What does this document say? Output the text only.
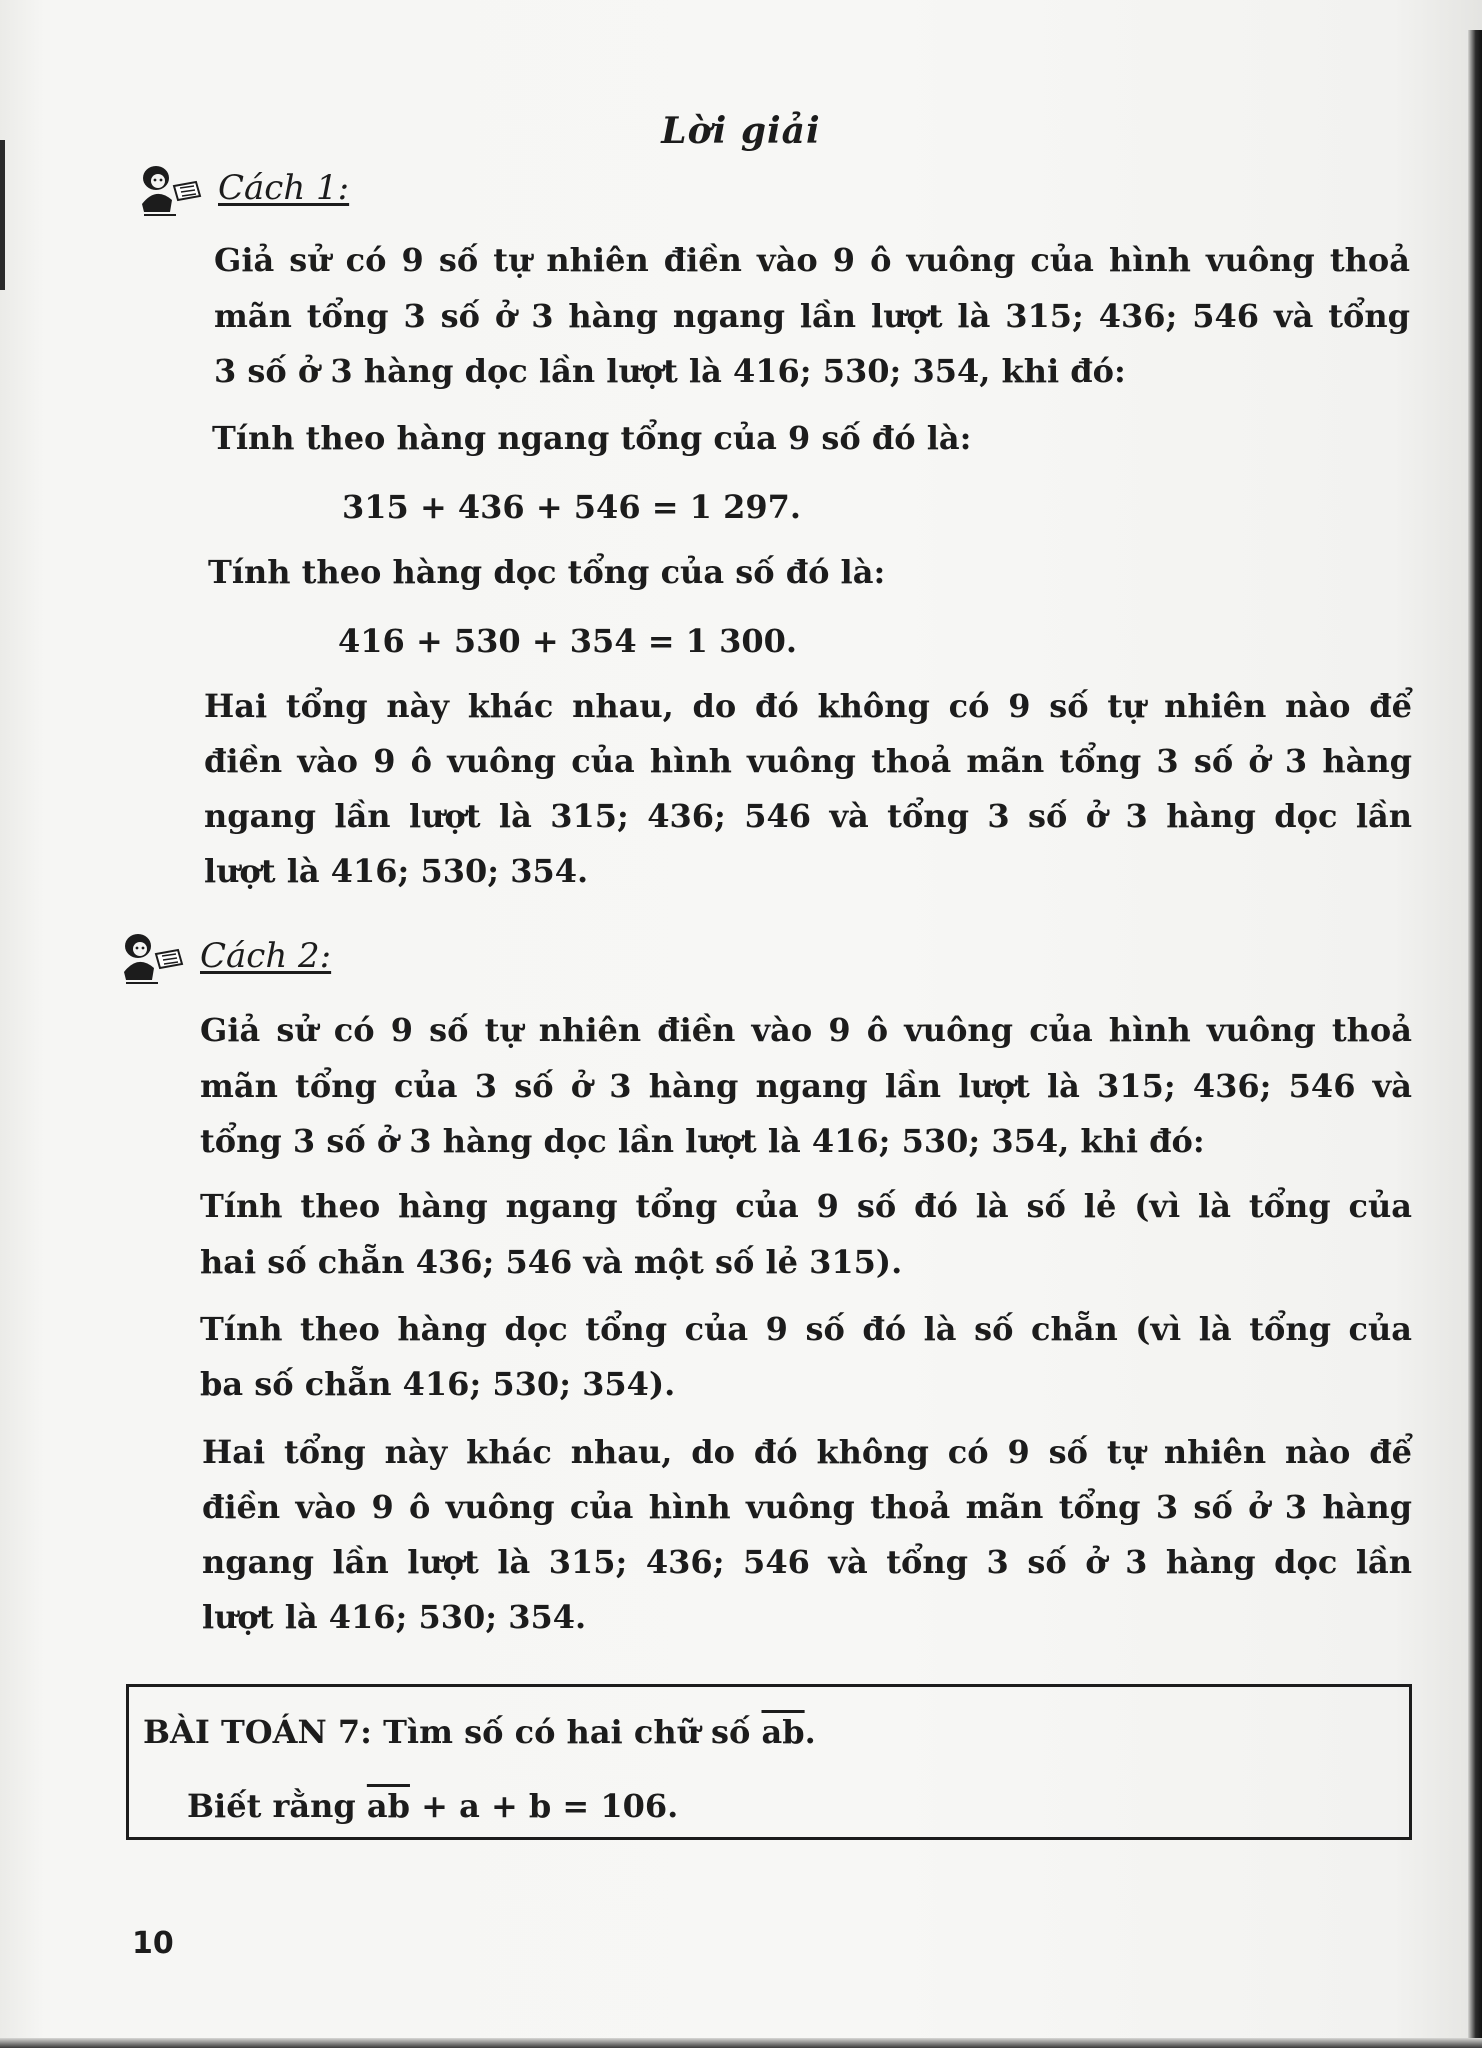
Lời giải
Cách 1:
Giả sử có 9 số tự nhiên điền vào 9 ô vuông của hình vuông thoả
mãn tổng 3 số ở 3 hàng ngang lần lượt là 315; 436; 546 và tổng
3 số ở 3 hàng dọc lần lượt là 416; 530; 354, khi đó:
Tính theo hàng ngang tổng của 9 số đó là:
315 + 436 + 546 = 1 297.
Tính theo hàng dọc tổng của số đó là:
416 + 530 + 354 = 1 300.
Hai tổng này khác nhau, do đó không có 9 số tự nhiên nào để
điền vào 9 ô vuông của hình vuông thoả mãn tổng 3 số ở 3 hàng
ngang lần lượt là 315; 436; 546 và tổng 3 số ở 3 hàng dọc lần
lượt là 416; 530; 354.
Cách 2:
Giả sử có 9 số tự nhiên điền vào 9 ô vuông của hình vuông thoả
mãn tổng của 3 số ở 3 hàng ngang lần lượt là 315; 436; 546 và
tổng 3 số ở 3 hàng dọc lần lượt là 416; 530; 354, khi đó:
Tính theo hàng ngang tổng của 9 số đó là số lẻ (vì là tổng của
hai số chẵn 436; 546 và một số lẻ 315).
Tính theo hàng dọc tổng của 9 số đó là số chẵn (vì là tổng của
ba số chẵn 416; 530; 354).
Hai tổng này khác nhau, do đó không có 9 số tự nhiên nào để
điền vào 9 ô vuông của hình vuông thoả mãn tổng 3 số ở 3 hàng
ngang lần lượt là 315; 436; 546 và tổng 3 số ở 3 hàng dọc lần
lượt là 416; 530; 354.
BÀI TOÁN 7: Tìm số có hai chữ số $\overline{ab}$.
Biết rằng $\overline{ab} + a + b = 106$.
10
